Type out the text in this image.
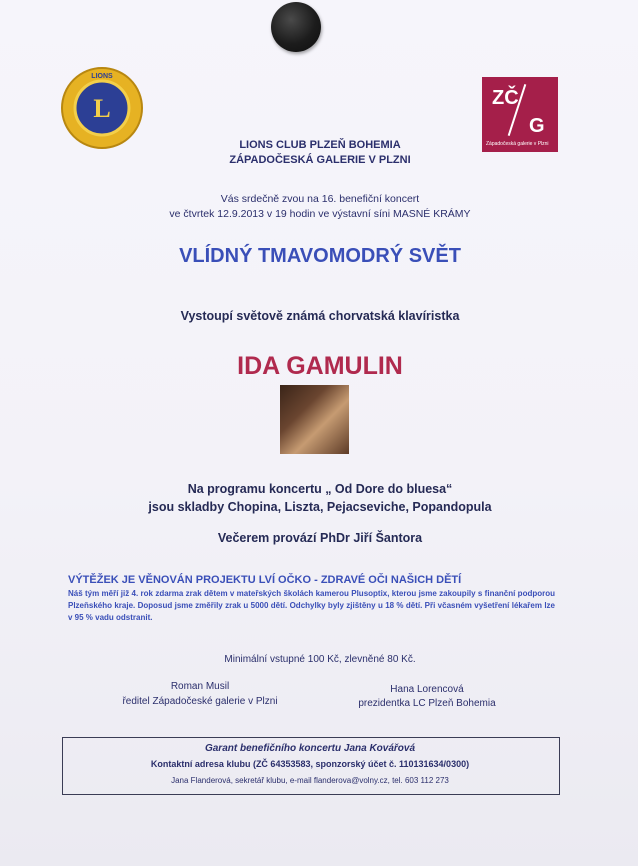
L
LIONS
ZČ
G
Západočeská galerie v Plzni
LIONS CLUB PLZEŇ BOHEMIA
ZÁPADOČESKÁ GALERIE V PLZNI
Vás srdečně zvou na 16. benefiční koncert
ve čtvrtek 12.9.2013 v 19 hodin ve výstavní síni MASNÉ KRÁMY
VLÍDNÝ TMAVOMODRÝ SVĚT
Vystoupí světově známá chorvatská klavíristka
IDA GAMULIN
Na programu koncertu „ Od Dore do bluesa“
jsou skladby Chopina, Liszta, Pejacseviche, Popandopula
Večerem provází PhDr Jiří Šantora
VÝTĚŽEK JE VĚNOVÁN PROJEKTU LVÍ OČKO - ZDRAVÉ OČI NAŠICH DĚTÍ
Náš tým měří již 4. rok zdarma zrak dětem v mateřských školách kamerou Plusoptix, kterou jsme zakoupily s finanční podporou Plzeňského kraje. Doposud jsme změřily zrak u 5000 dětí. Odchylky byly zjištěny u 18 % dětí. Při včasném vyšetření lékařem lze v 95 % vadu odstranit.
Minimální vstupné 100 Kč, zlevněné 80 Kč.
Roman Musil
ředitel Západočeské galerie v Plzni
Hana Lorencová
prezidentka LC Plzeň Bohemia
Garant benefičního koncertu Jana Kovářová
Kontaktní adresa klubu (ZČ 64353583, sponzorský účet č. 110131634/0300)
Jana Flanderová, sekretář klubu, e-mail flanderova@volny.cz, tel. 603 112 273
